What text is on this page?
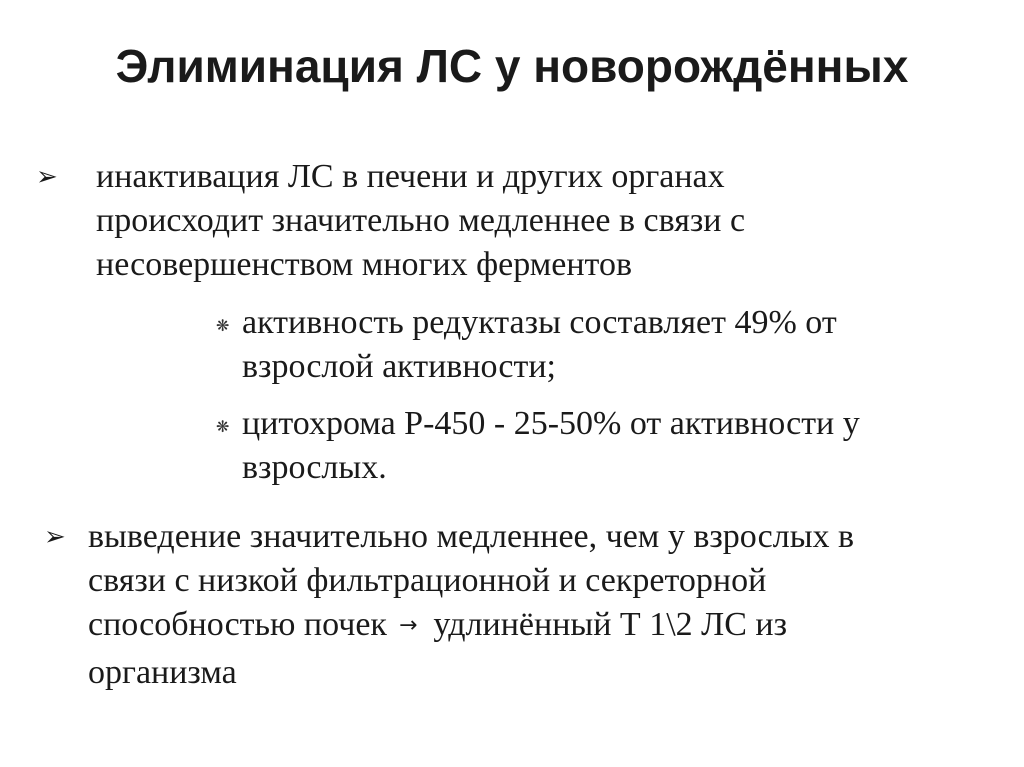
Элиминация ЛС у новорождённых
➢ инактивация ЛС в печени и других органах
происходит значительно медленнее в связи с
несовершенством многих ферментов
❋ активность редуктазы составляет 49% от
взрослой активности;
❋ цитохрома Р-450 - 25-50% от активности у
взрослых.
➢ выведение значительно медленнее, чем у взрослых в
связи с низкой фильтрационной и секреторной
способностью почек → удлинённый Т 1\2 ЛС из
организма
